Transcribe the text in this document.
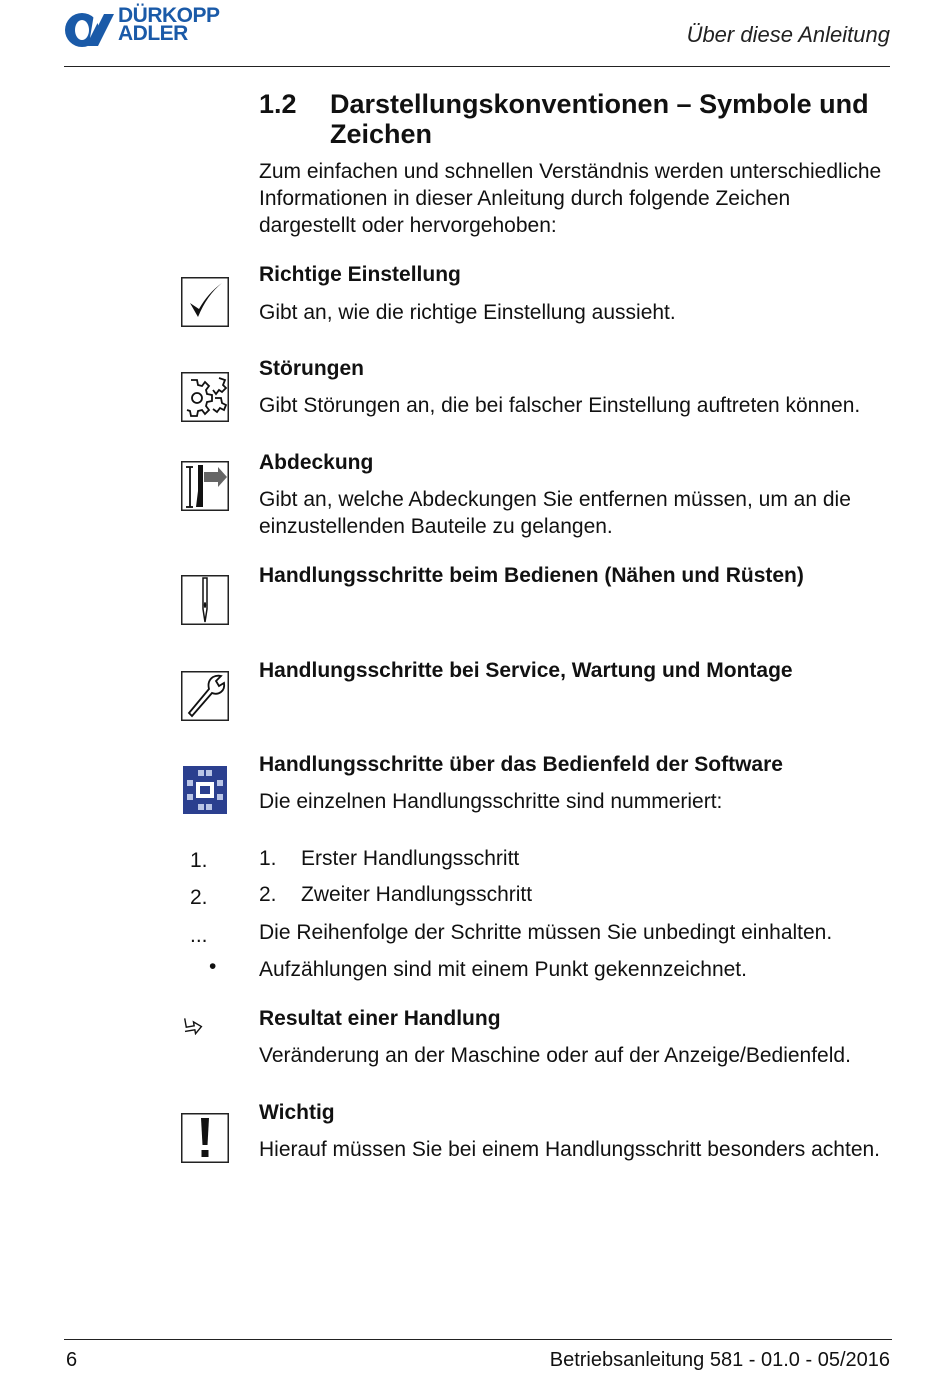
DÜRKOPP
ADLER	Über diese Anleitung
1.2 Darstellungskonventionen – Symbole und Zeichen
Zum einfachen und schnellen Verständnis werden unterschiedliche Informationen in dieser Anleitung durch folgende Zeichen dargestellt oder hervorgehoben:
Richtige Einstellung
Gibt an, wie die richtige Einstellung aussieht.
Störungen
Gibt Störungen an, die bei falscher Einstellung auftreten können.
Abdeckung
Gibt an, welche Abdeckungen Sie entfernen müssen, um an die einzustellenden Bauteile zu gelangen.
Handlungsschritte beim Bedienen (Nähen und Rüsten)
Handlungsschritte bei Service, Wartung und Montage
Handlungsschritte über das Bedienfeld der Software
Die einzelnen Handlungsschritte sind nummeriert:
1.
2.
...
•
1.	Erster Handlungsschritt
2.	Zweiter Handlungsschritt
Die Reihenfolge der Schritte müssen Sie unbedingt einhalten.
Aufzählungen sind mit einem Punkt gekennzeichnet.
Resultat einer Handlung
Veränderung an der Maschine oder auf der Anzeige/Bedienfeld.
Wichtig
Hierauf müssen Sie bei einem Handlungsschritt besonders achten.
6	Betriebsanleitung 581 - 01.0 - 05/2016
